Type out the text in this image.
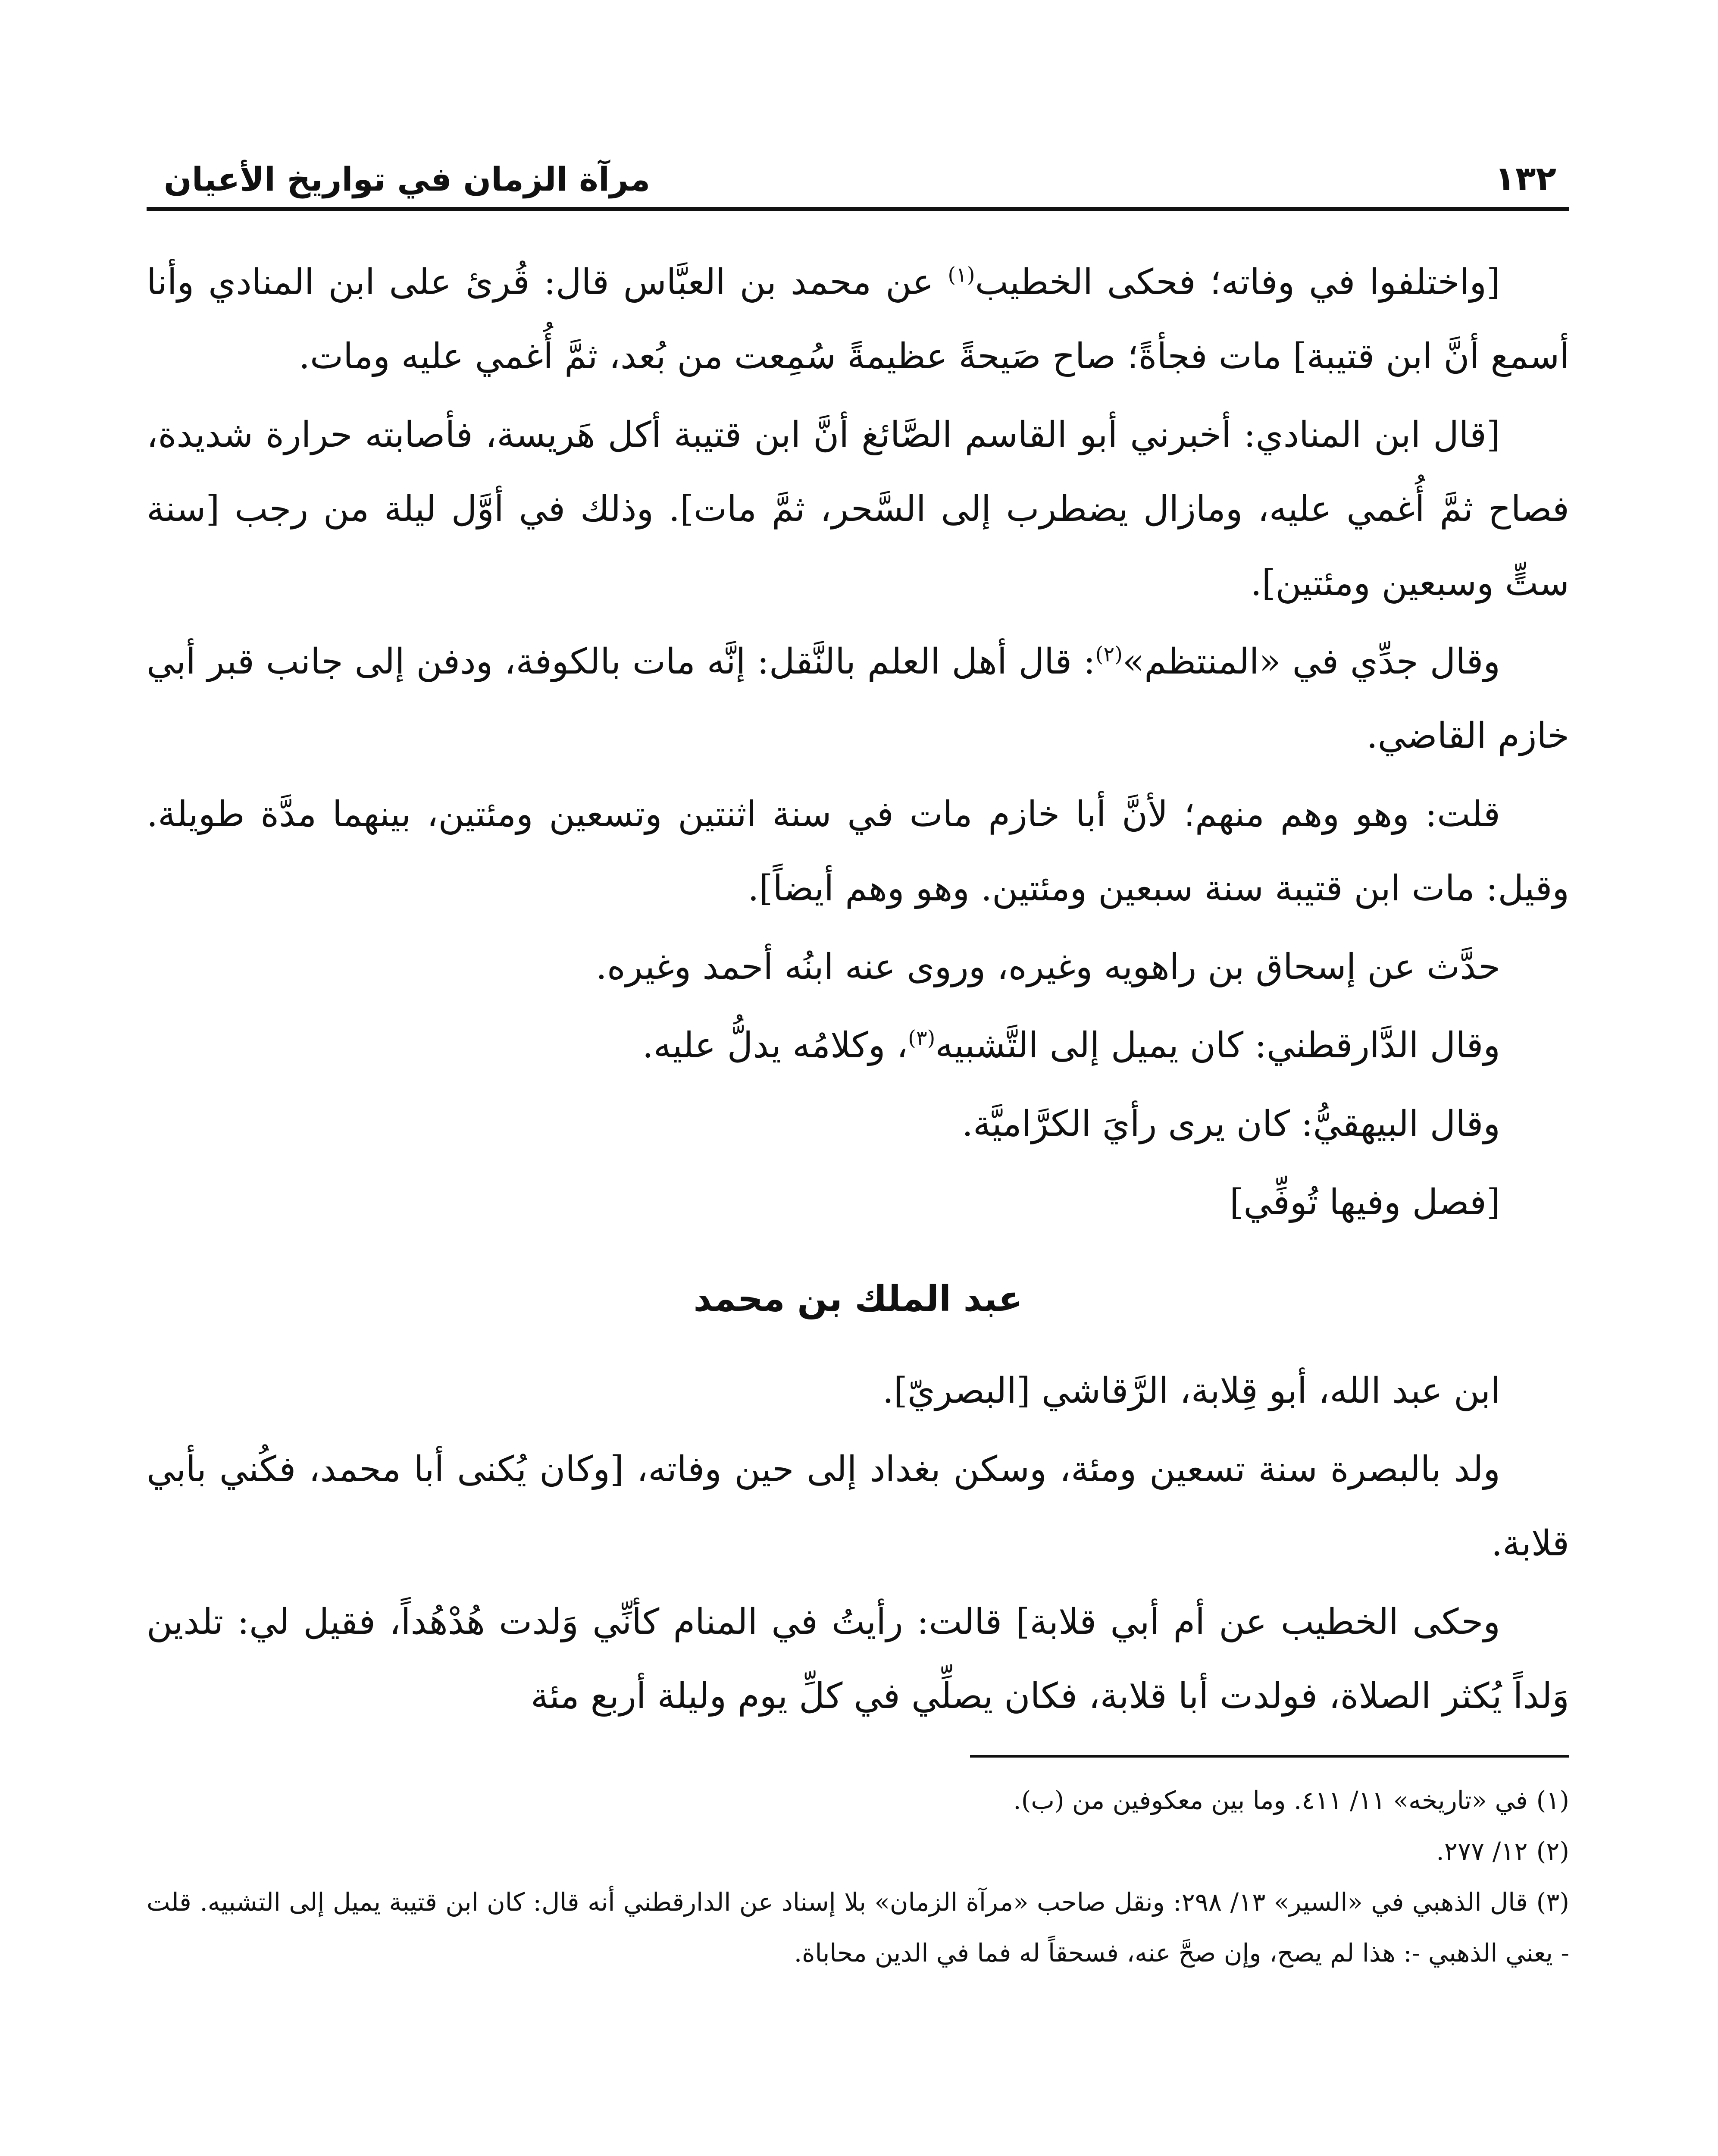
١٣٢
مرآة الزمان في تواريخ الأعيان

[واختلفوا في وفاته؛ فحكى الخطيب$^{(١)}$ عن محمد بن العبَّاس قال: قُرئ على ابن المنادي وأنا أسمع أنَّ ابن قتيبة] مات فجأةً؛ صاح صَيحةً عظيمةً سُمِعت من بُعد، ثمَّ أُغمي عليه ومات.

[قال ابن المنادي: أخبرني أبو القاسم الصَّائغ أنَّ ابن قتيبة أكل هَريسة، فأصابته حرارة شديدة، فصاح ثمَّ أُغمي عليه، ومازال يضطرب إلى السَّحر، ثمَّ مات]. وذلك في أوَّل ليلة من رجب [سنة ستٍّ وسبعين ومئتين].

وقال جدِّي في «المنتظم»$^{(٢)}$: قال أهل العلم بالنَّقل: إنَّه مات بالكوفة، ودفن إلى جانب قبر أبي خازم القاضي.

قلت: وهو وهم منهم؛ لأنَّ أبا خازم مات في سنة اثنتين وتسعين ومئتين، بينهما مدَّة طويلة. وقيل: مات ابن قتيبة سنة سبعين ومئتين. وهو وهم أيضاً].

حدَّث عن إسحاق بن راهويه وغيره، وروى عنه ابنُه أحمد وغيره.

وقال الدَّارقطني: كان يميل إلى التَّشبيه$^{(٣)}$، وكلامُه يدلُّ عليه.

وقال البيهقيُّ: كان يرى رأيَ الكرَّاميَّة.

[فصل وفيها تُوفِّي]

عبد الملك بن محمد

ابن عبد الله، أبو قِلابة، الرَّقاشي [البصريّ].

ولد بالبصرة سنة تسعين ومئة، وسكن بغداد إلى حين وفاته، [وكان يُكنى أبا محمد، فكُني بأبي قلابة.

وحكى الخطيب عن أم أبي قلابة] قالت: رأيتُ في المنام كأنِّي وَلدت هُدْهُداً، فقيل لي: تلدين وَلداً يُكثر الصلاة، فولدت أبا قلابة، فكان يصلِّي في كلِّ يوم وليلة أربع مئة

(١)في «تاريخه» ١١/ ٤١١. وما بين معكوفين من (ب).

(٢)١٢/ ٢٧٧.

(٣)قال الذهبي في «السير» ١٣/ ٢٩٨: ونقل صاحب «مرآة الزمان» بلا إسناد عن الدارقطني أنه قال: كان ابن قتيبة يميل إلى التشبيه. قلت - يعني الذهبي -: هذا لم يصح، وإن صحَّ عنه، فسحقاً له فما في الدين محاباة.
